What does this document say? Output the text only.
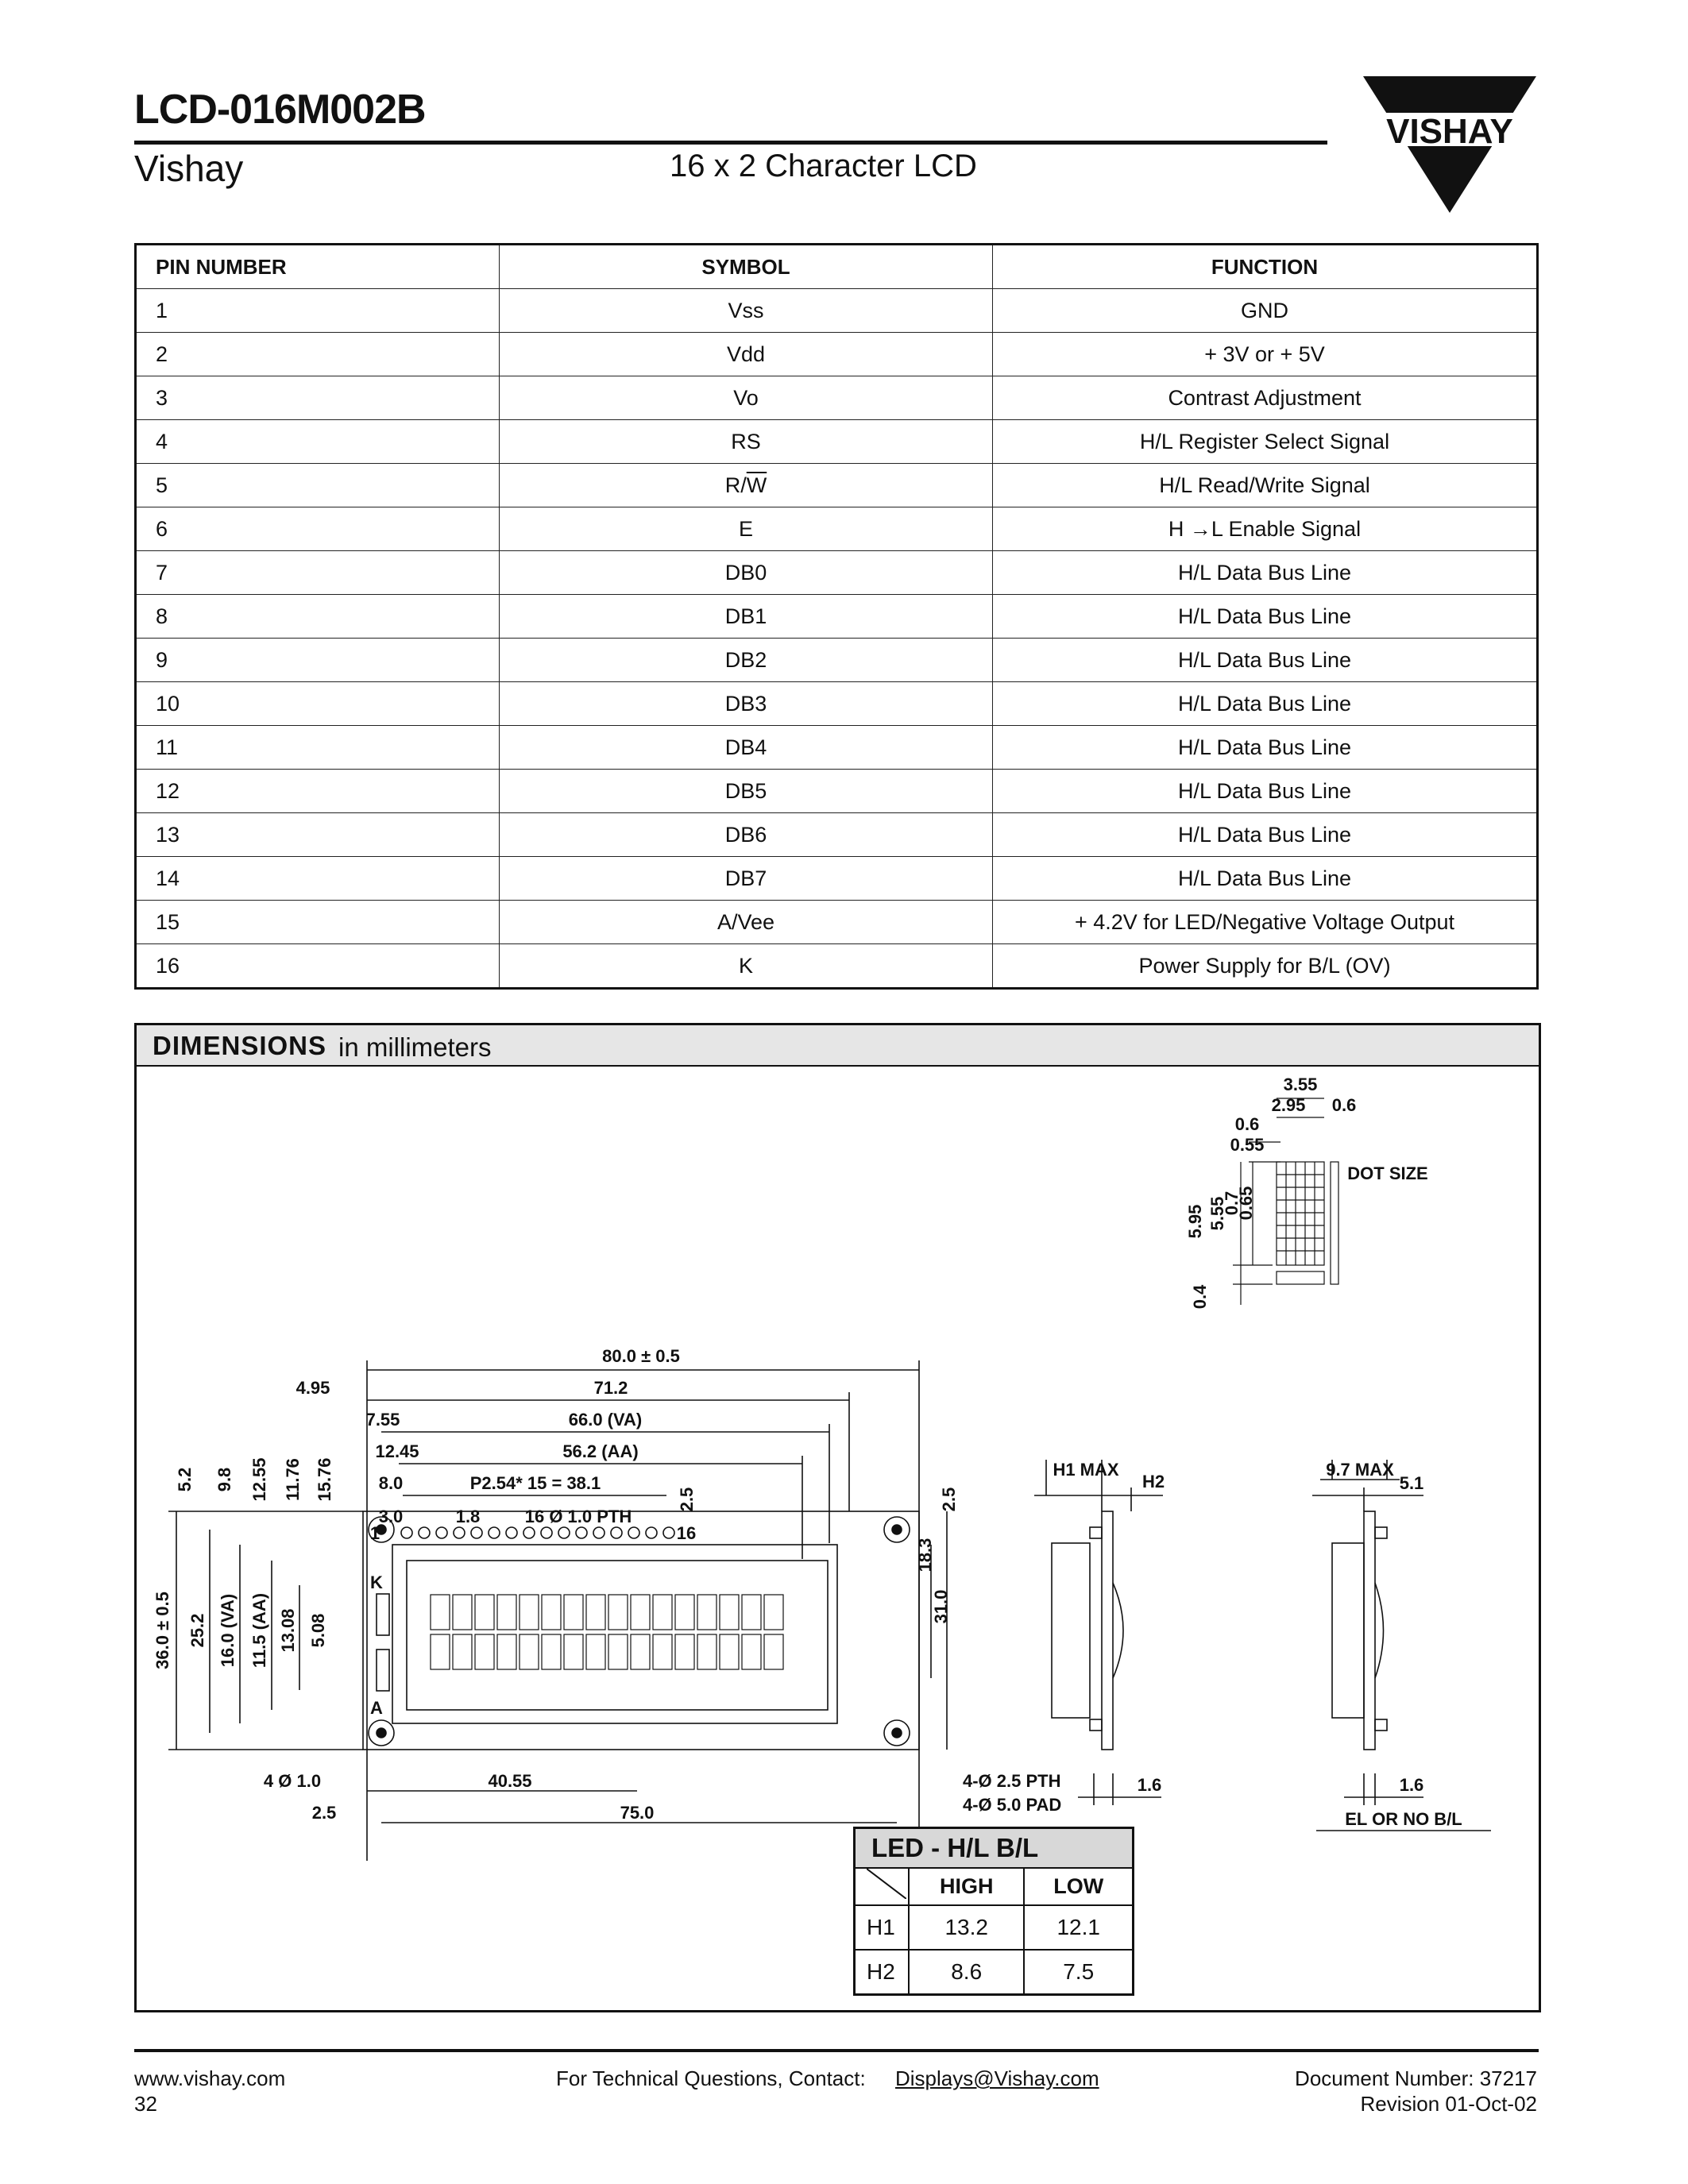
LCD-016M002B
Vishay	16 x 2 Character LCD
VISHAY
PIN NUMBER	SYMBOL	FUNCTION
1	Vss	GND
2	Vdd	+ 3V or + 5V
3	Vo	Contrast Adjustment
4	RS	H/L Register Select Signal
5	$R/\overline{W}$	H/L Read/Write Signal
6	E	H →L Enable Signal
7	DB0	H/L Data Bus Line
8	DB1	H/L Data Bus Line
9	DB2	H/L Data Bus Line
10	DB3	H/L Data Bus Line
11	DB4	H/L Data Bus Line
12	DB5	H/L Data Bus Line
13	DB6	H/L Data Bus Line
14	DB7	H/L Data Bus Line
15	A/Vee	+ 4.2V for LED/Negative Voltage Output
16	K	Power Supply for B/L (OV)
DIMENSIONS in millimeters
80.0 ± 0.5
71.2
4.95
66.0 (VA)
7.55
56.2 (AA)
12.45
P2.54* 15 = 38.1
8.0
3.0	1.8	16 Ø 1.0 PTH
2.5	2.5
5.2 9.8 12.55 11.76 15.76
36.0 ± 0.5 25.2 16.0 (VA) 11.5 (AA) 13.08 5.08
18.3
31.0
1	16
K
A
4 Ø 1.0	40.55
2.5	75.0
4-Ø 2.5 PTH
4-Ø 5.0 PAD
H1 MAX
H2
1.6
9.7 MAX
5.1
1.6
EL OR NO B/L
DOT SIZE
3.55
2.95 0.6
0.6
0.55
5.95 5.55
0.7
0.65
0.4
LED - H/L B/L		
	HIGH	LOW
H1	13.2	12.1
H2	8.6	7.5
www.vishay.com
32
For Technical Questions, Contact: Displays@Vishay.com	Document Number: 37217
Revision 01-Oct-02
